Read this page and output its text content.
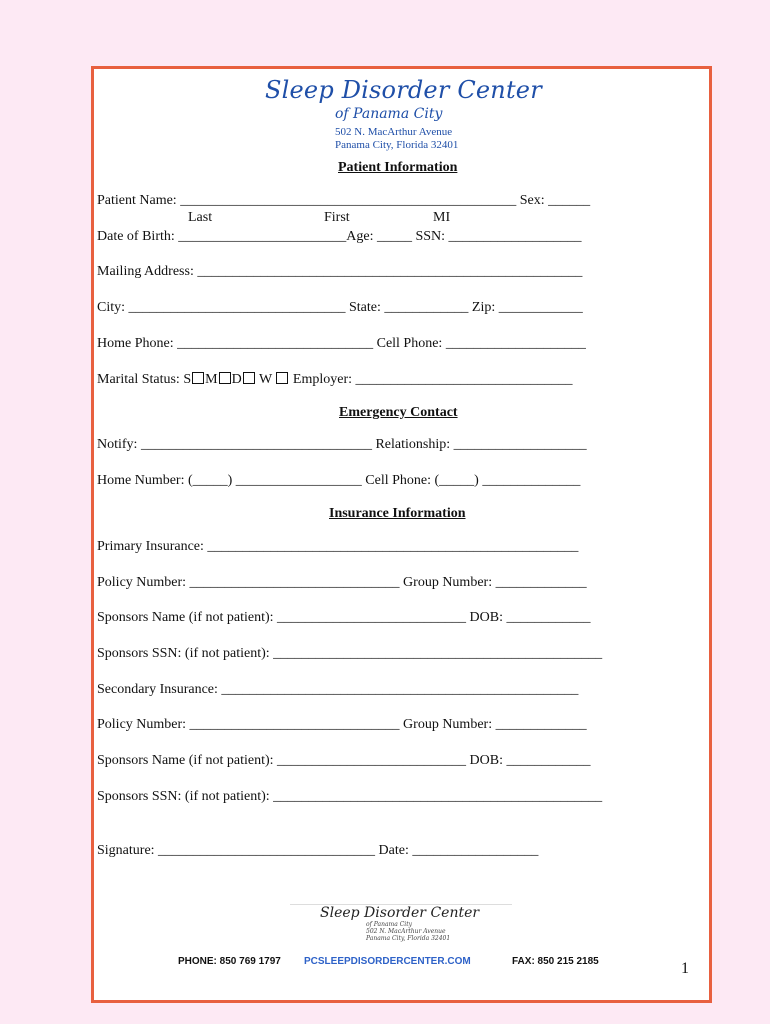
Sleep Disorder Center
of Panama City
502 N. MacArthur Avenue
Panama City, Florida 32401
Patient Information
Patient Name: ________________________________________________ Sex: ______
Last	First	MI
Date of Birth: ________________________Age: _____ SSN: ___________________
Mailing Address: _______________________________________________________
City: _______________________________ State: ____________ Zip: ____________
Home Phone: ____________________________ Cell Phone: ____________________
Marital Status: S M D W  Employer: _______________________________
Emergency Contact
Notify: _________________________________ Relationship: ___________________
Home Number: (_____) __________________ Cell Phone: (_____) ______________
Insurance Information
Primary Insurance: _____________________________________________________
Policy Number: ______________________________ Group Number: _____________
Sponsors Name (if not patient): ___________________________ DOB: ____________
Sponsors SSN: (if not patient): _______________________________________________
Secondary Insurance: ___________________________________________________
Policy Number: ______________________________ Group Number: _____________
Sponsors Name (if not patient): ___________________________ DOB: ____________
Sponsors SSN: (if not patient): _______________________________________________
Signature: _______________________________ Date: __________________
Sleep Disorder Center
of Panama City
502 N. MacArthur Avenue
Panama City, Florida 32401
PHONE: 850 769 1797 PCSLEEPDISORDERCENTER.COM	FAX: 850 215 2185	1
